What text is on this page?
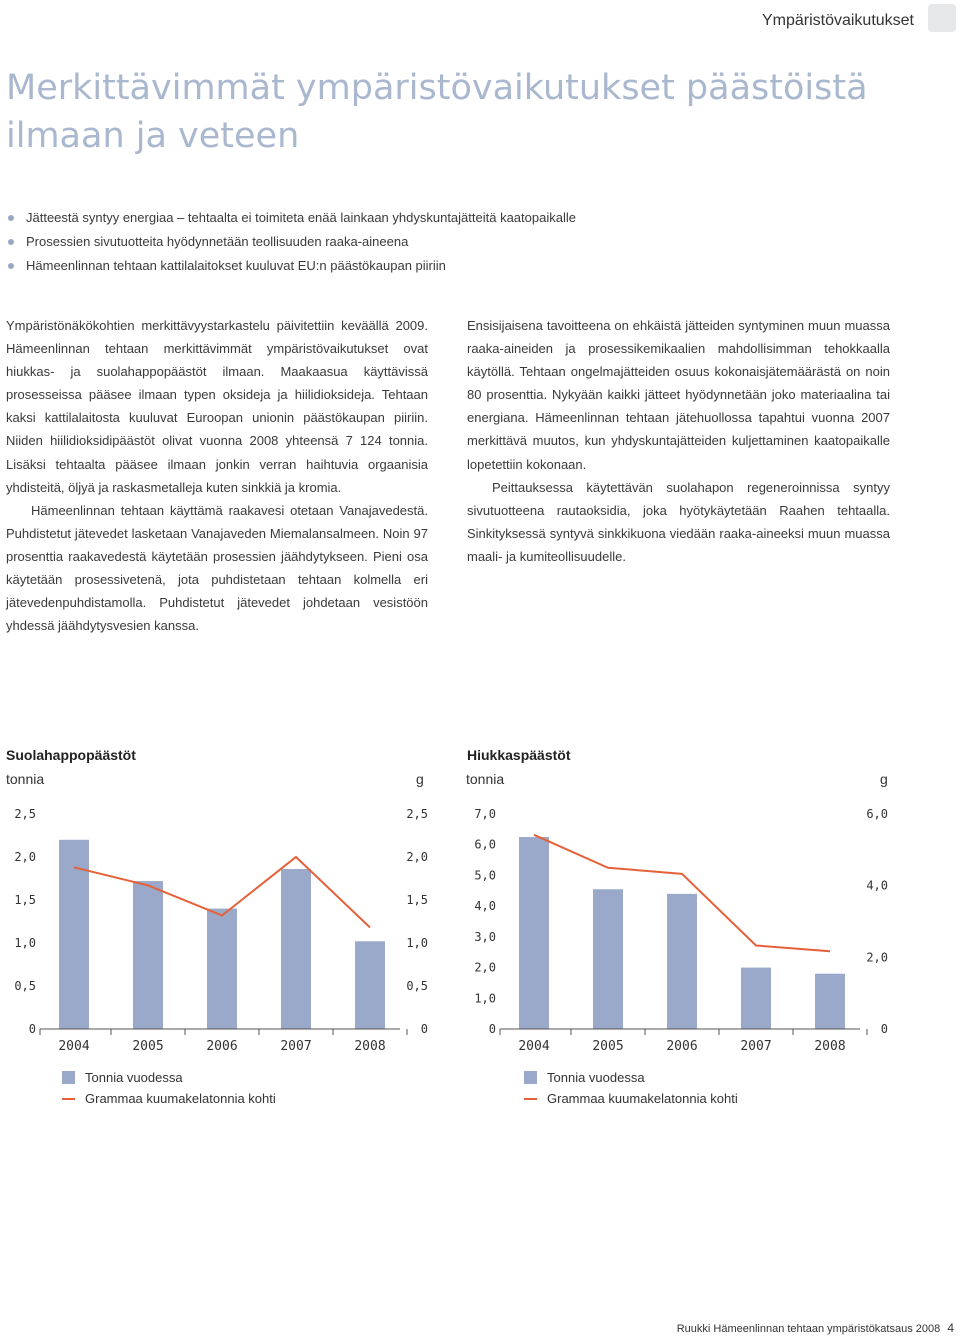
Ympäristövaikutukset
Merkittävimmät ympäristövaikutukset päästöistä ilmaan ja veteen
Jätteestä syntyy energiaa – tehtaalta ei toimiteta enää lainkaan yhdyskuntajätteitä kaatopaikalle
Prosessien sivutuotteita hyödynnetään teollisuuden raaka-aineena
Hämeenlinnan tehtaan kattilalaitokset kuuluvat EU:n päästökaupan piiriin

Ympäristönäkökohtien merkittävyystarkastelu päivitettiin keväällä 2009. Hämeenlinnan tehtaan merkittävimmät ympäristövaikutukset ovat hiukkas- ja suolahappopäästöt ilmaan. Maakaasua käyttävissä prosesseissa pääsee ilmaan typen oksideja ja hiilidioksideja. Tehtaan kaksi kattilalaitosta kuuluvat Euroopan unionin päästökaupan piiriin. Niiden hiilidioksidipäästöt olivat vuonna 2008 yhteensä 7 124 tonnia. Lisäksi tehtaalta pääsee ilmaan jonkin verran haihtuvia orgaanisia yhdisteitä, öljyä ja raskasmetalleja kuten sinkkiä ja kromia.

Hämeenlinnan tehtaan käyttämä raakavesi otetaan Vanajavedestä. Puhdistetut jätevedet lasketaan Vanajaveden Miemalansalmeen. Noin 97 prosenttia raakavedestä käytetään prosessien jäähdytykseen. Pieni osa käytetään prosessivetenä, jota puhdistetaan tehtaan kolmella eri jätevedenpuhdistamolla. Puhdistetut jätevedet johdetaan vesistöön yhdessä jäähdytysvesien kanssa.

Ensisijaisena tavoitteena on ehkäistä jätteiden syntyminen muun muassa raaka-aineiden ja prosessikemikaalien mahdollisimman tehokkaalla käytöllä. Tehtaan ongelmajätteiden osuus kokonaisjätemäärästä on noin 80 prosenttia. Nykyään kaikki jätteet hyödynnetään joko materiaalina tai energiana. Hämeenlinnan tehtaan jätehuollossa tapahtui vuonna 2007 merkittävä muutos, kun yhdyskuntajätteiden kuljettaminen kaatopaikalle lopetettiin kokonaan.

Peittauksessa käytettävän suolahapon regeneroinnissa syntyy sivutuotteena rautaoksidia, joka hyötykäytetään Raahen tehtaalla. Sinkityksessä syntyvä sinkkikuona viedään raaka-aineeksi muun muassa maali- ja kumiteollisuudelle.

Suolahappopäästöt
tonnia	g
0
0,5
1,0
1,5
2,0
2,5
0
0,5
1,0
1,5
2,0
2,5
2004	2005	2006	2007	2008
Tonnia vuodessa
Grammaa kuumakelatonnia kohti
Hiukkaspäästöt
tonnia	g
0
1,0
2,0
3,0
4,0
5,0
6,0
7,0
0
2,0
4,0
6,0
2004	2005	2006	2007	2008
Tonnia vuodessa
Grammaa kuumakelatonnia kohti
Ruukki Hämeenlinnan tehtaan ympäristökatsaus 2008 4
